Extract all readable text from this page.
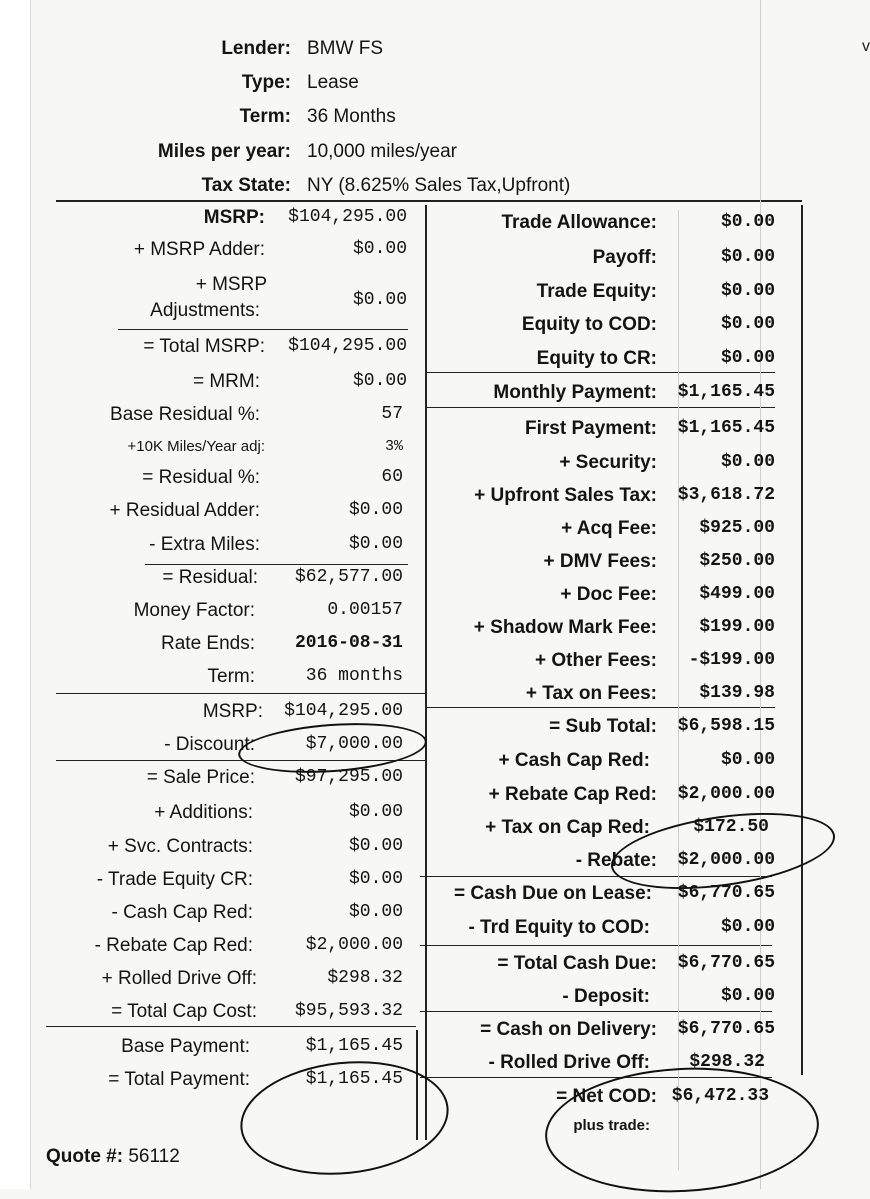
Lender: BMW FS
Type: Lease
Term: 36 Months
Miles per year: 10,000 miles/year
Tax State: NY (8.625% Sales Tax,Upfront)
MSRP: $104,295.00
+ MSRP Adder:	$0.00
+ MSRP
Adjustments:	$0.00
= Total MSRP: $104,295.00
= MRM:	$0.00
Base Residual %:	57
+10K Miles/Year adj:	3%
= Residual %:	60
+ Residual Adder:	$0.00
- Extra Miles:	$0.00
= Residual: $62,577.00
Money Factor:	0.00157
Rate Ends: 2016-08-31
Term:	36 months
MSRP: $104,295.00
- Discount:	$7,000.00
= Sale Price: $97,295.00
+ Additions:	$0.00
+ Svc. Contracts:	$0.00
- Trade Equity CR:	$0.00
- Cash Cap Red:	$0.00
- Rebate Cap Red:	$2,000.00
+ Rolled Drive Off:	$298.32
= Total Cap Cost: $95,593.32
Base Payment:	$1,165.45
= Total Payment:	$1,165.45
Trade Allowance:	$0.00
Payoff:	$0.00
Trade Equity:	$0.00
Equity to COD:	$0.00
Equity to CR:	$0.00
Monthly Payment: $1,165.45
First Payment: $1,165.45
+ Security:	$0.00
+ Upfront Sales Tax: $3,618.72
+ Acq Fee: $925.00
+ DMV Fees: $250.00
+ Doc Fee: $499.00
+ Shadow Mark Fee: $199.00
+ Other Fees: -$199.00
+ Tax on Fees: $139.98
= Sub Total: $6,598.15
+ Cash Cap Red:	$0.00
+ Rebate Cap Red: $2,000.00
+ Tax on Cap Red: $172.50
- Rebate: $2,000.00
= Cash Due on Lease: $6,770.65
- Trd Equity to COD:	$0.00
= Total Cash Due: $6,770.65
- Deposit:	$0.00
= Cash on Delivery: $6,770.65
- Rolled Drive Off: $298.32
= Net COD: $6,472.33
plus trade:
Quote #: 56112
v
